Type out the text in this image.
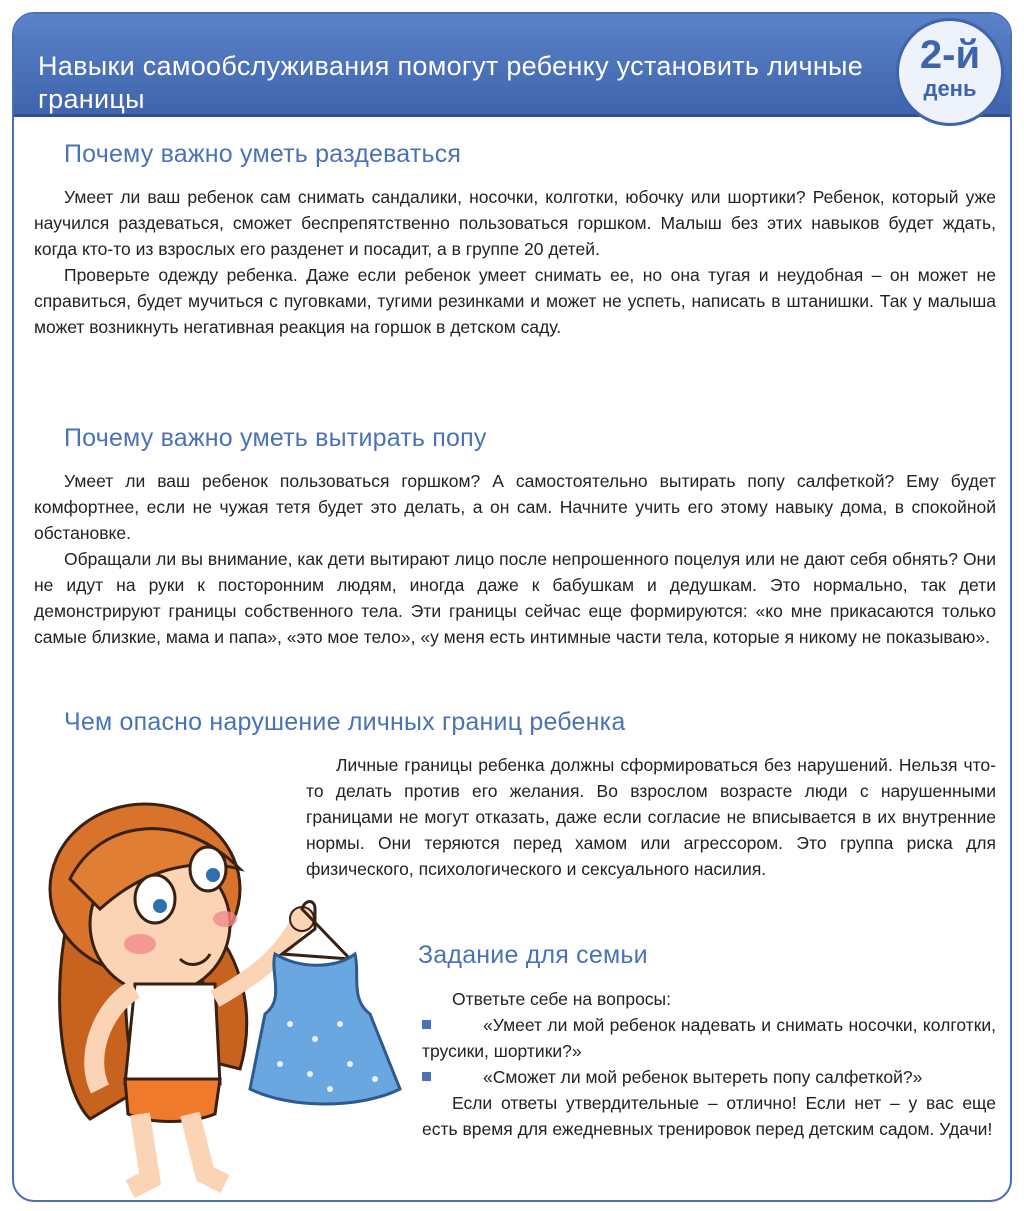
Навыки самообслуживания помогут ребенку установить личные границы
Почему важно уметь раздеваться

Умеет ли ваш ребенок сам снимать сандалики, носочки, колготки, юбочку или шортики? Ребенок, который уже научился раздеваться, сможет беспрепятственно пользоваться горшком. Малыш без этих навыков будет ждать, когда кто-то из взрослых его разденет и посадит, а в группе 20 детей.

Проверьте одежду ребенка. Даже если ребенок умеет снимать ее, но она тугая и неудобная – он может не справиться, будет мучиться с пуговками, тугими резинками и может не успеть, написать в штанишки. Так у малыша может возникнуть негативная реакция на горшок в детском саду.

Почему важно уметь вытирать попу

Умеет ли ваш ребенок пользоваться горшком? А самостоятельно вытирать попу салфеткой? Ему будет комфортнее, если не чужая тетя будет это делать, а он сам. Начните учить его этому навыку дома, в спокойной обстановке.

Обращали ли вы внимание, как дети вытирают лицо после непрошенного поцелуя или не дают себя обнять? Они не идут на руки к посторонним людям, иногда даже к бабушкам и дедушкам. Это нормально, так дети демонстрируют границы собственного тела. Эти границы сейчас еще формируются: «ко мне прикасаются только самые близкие, мама и папа», «это мое тело», «у меня есть интимные части тела, которые я никому не показываю».

Чем опасно нарушение личных границ ребенка

Личные границы ребенка должны сформироваться без нарушений. Нельзя что-то делать против его желания. Во взрослом возрасте люди с нарушенными границами не могут отказать, даже если согласие не вписывается в их внутренние нормы. Они теряются перед хамом или агрессором. Это группа риска для физического, психологического и сексуального насилия.

Задание для семьи

Ответьте себе на вопросы:

«Умеет ли мой ребенок надевать и снимать носочки, колготки, трусики, шортики?»
«Сможет ли мой ребенок вытереть попу салфеткой?»

Если ответы утвердительные – отлично! Если нет – у вас еще есть время для ежедневных тренировок перед детским садом. Удачи!

2-й
день
